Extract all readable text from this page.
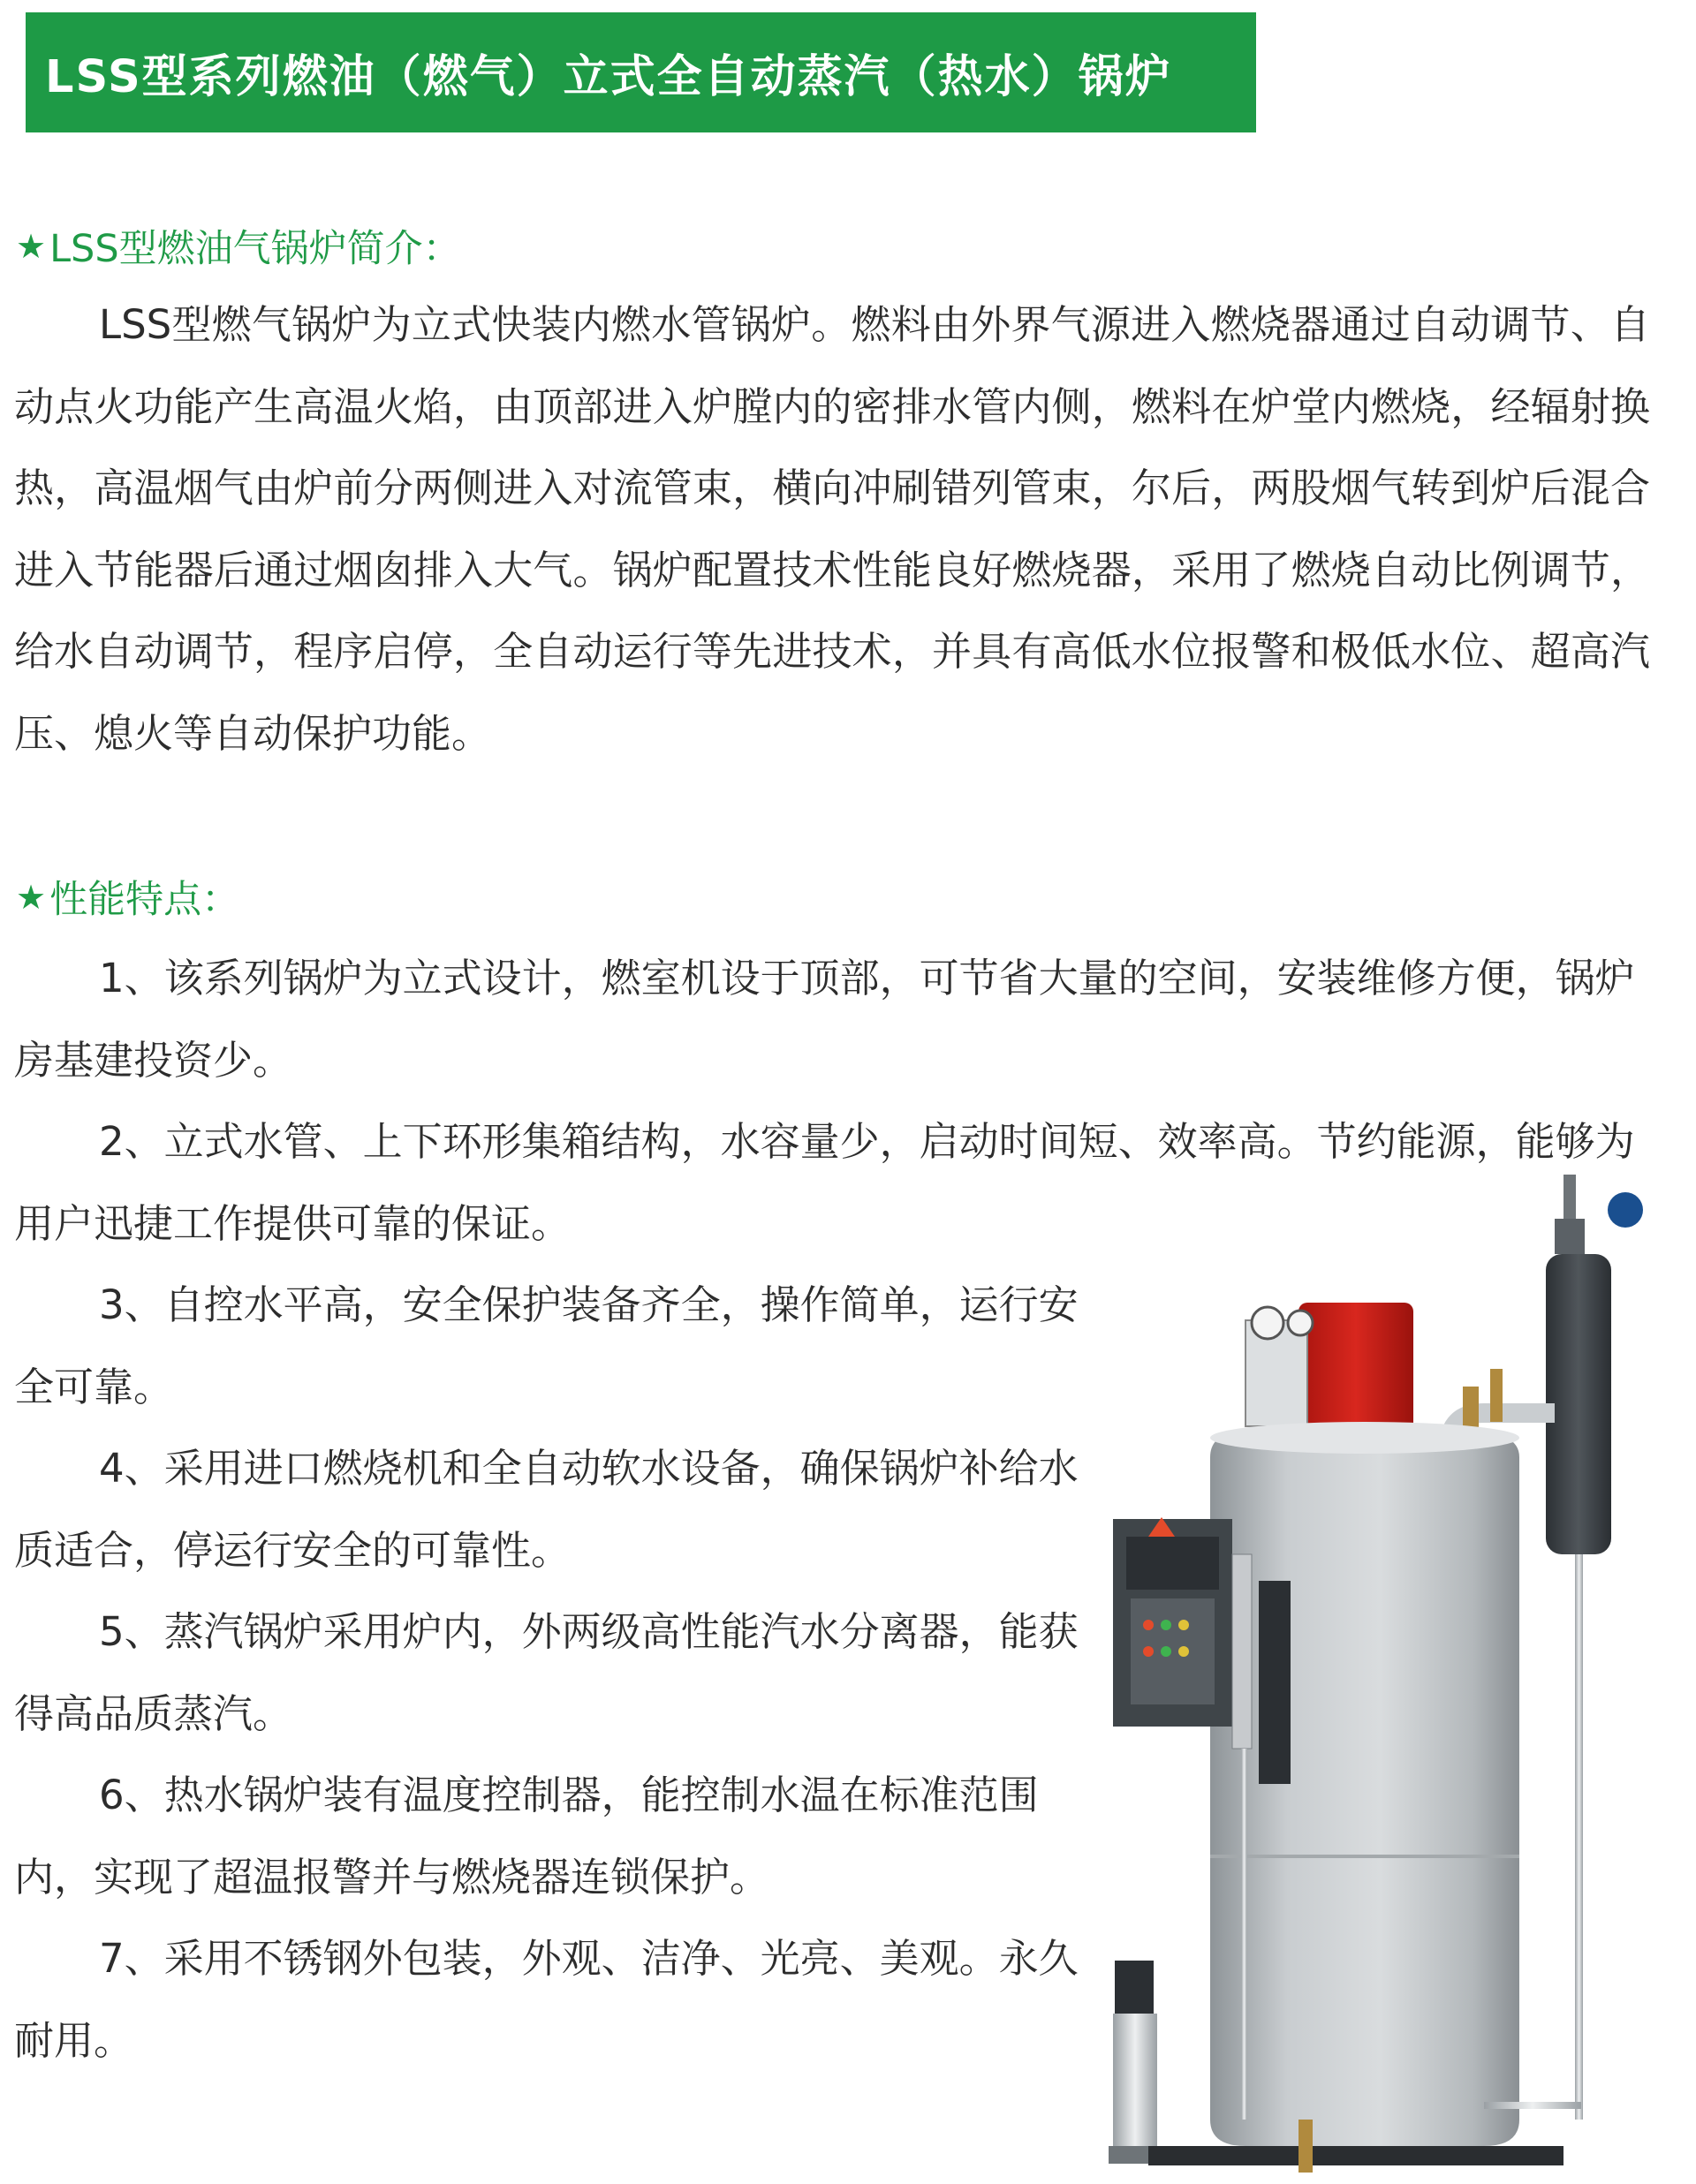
LSS型系列燃油（燃气）立式全自动蒸汽（热水）锅炉
★ LSS型燃油气锅炉简介：

LSS型燃气锅炉为立式快装内燃水管锅炉。燃料由外界气源进入燃烧器通过自动调节、自动点火功能产生高温火焰，由顶部进入炉膛内的密排水管内侧，燃料在炉堂内燃烧，经辐射换热，高温烟气由炉前分两侧进入对流管束，横向冲刷错列管束，尔后，两股烟气转到炉后混合进入节能器后通过烟囱排入大气。锅炉配置技术性能良好燃烧器，采用了燃烧自动比例调节，给水自动调节，程序启停，全自动运行等先进技术，并具有高低水位报警和极低水位、超高汽压、熄火等自动保护功能。

★ 性能特点：

1、该系列锅炉为立式设计，燃室机设于顶部，可节省大量的空间，安装维修方便，锅炉房基建投资少。

2、立式水管、上下环形集箱结构，水容量少，启动时间短、效率高。节约能源，能够为用户迅捷工作提供可靠的保证。

3、自控水平高，安全保护装备齐全，操作简单，运行安全可靠。

4、采用进口燃烧机和全自动软水设备，确保锅炉补给水质适合，停运行安全的可靠性。

5、蒸汽锅炉采用炉内，外两级高性能汽水分离器，能获得高品质蒸汽。

6、热水锅炉装有温度控制器，能控制水温在标准范围内，实现了超温报警并与燃烧器连锁保护。

7、采用不锈钢外包装，外观、洁净、光亮、美观。永久耐用。
